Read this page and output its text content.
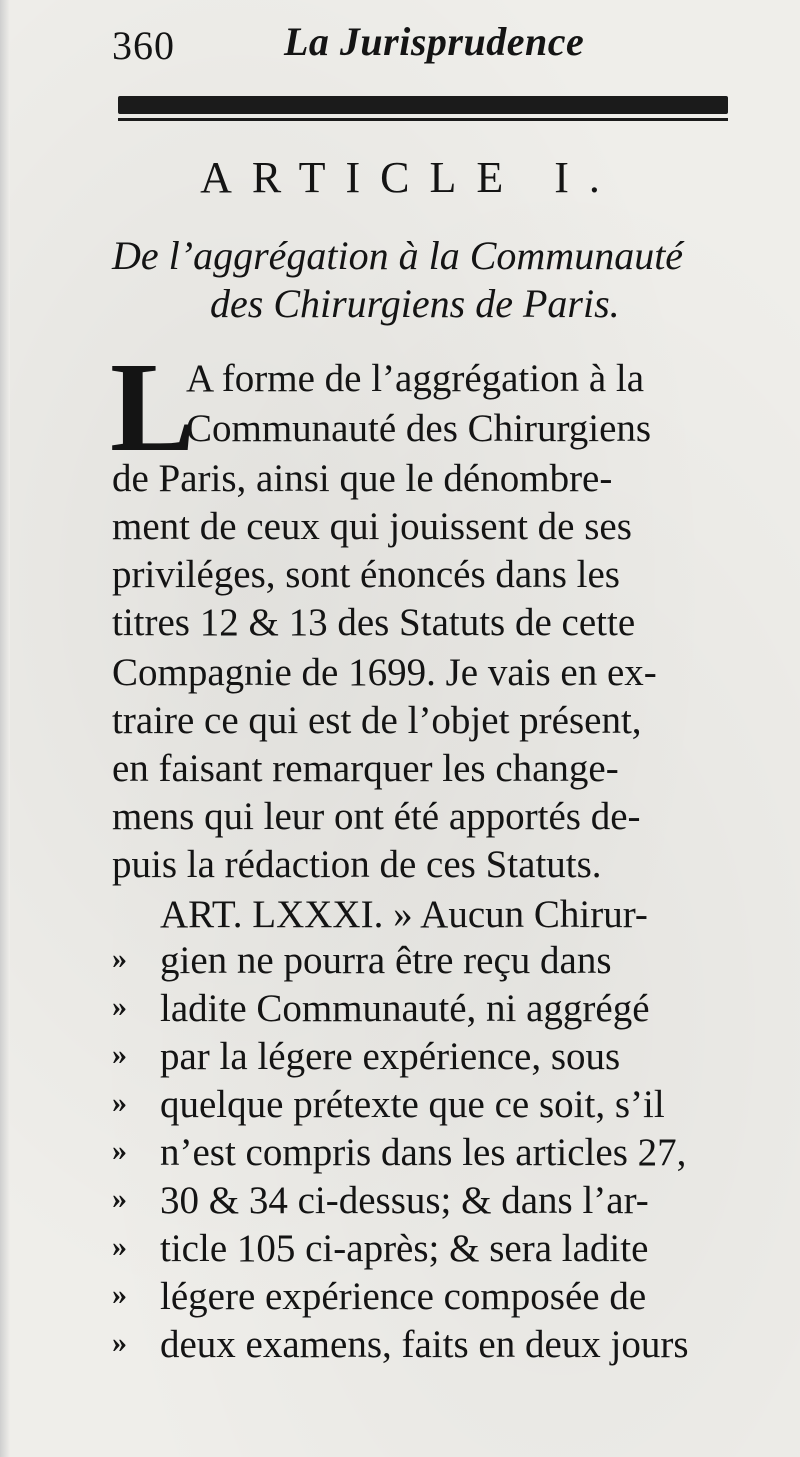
360	La Jurisprudence
ARTICLE I.
De l’aggrégation à la Communauté
des Chirurgiens de Paris.
L
A forme de l’aggrégation à la
Communauté des Chirurgiens
de Paris, ainsi que le dénombre-
ment de ceux qui jouissent de ses
priviléges, sont énoncés dans les
titres 12 & 13 des Statuts de cette
Compagnie de 1699. Je vais en ex-
traire ce qui est de l’objet présent,
en faisant remarquer les change-
mens qui leur ont été apportés de-
puis la rédaction de ces Statuts.
ART. LXXXI. » Aucun Chirur-
» gien ne pourra être reçu dans
» ladite Communauté, ni aggrégé
» par la légere expérience, sous
» quelque prétexte que ce soit, s’il
» n’est compris dans les articles 27,
» 30 & 34 ci-dessus; & dans l’ar-
» ticle 105 ci-après; & sera ladite
» légere expérience composée de
» deux examens, faits en deux jours
